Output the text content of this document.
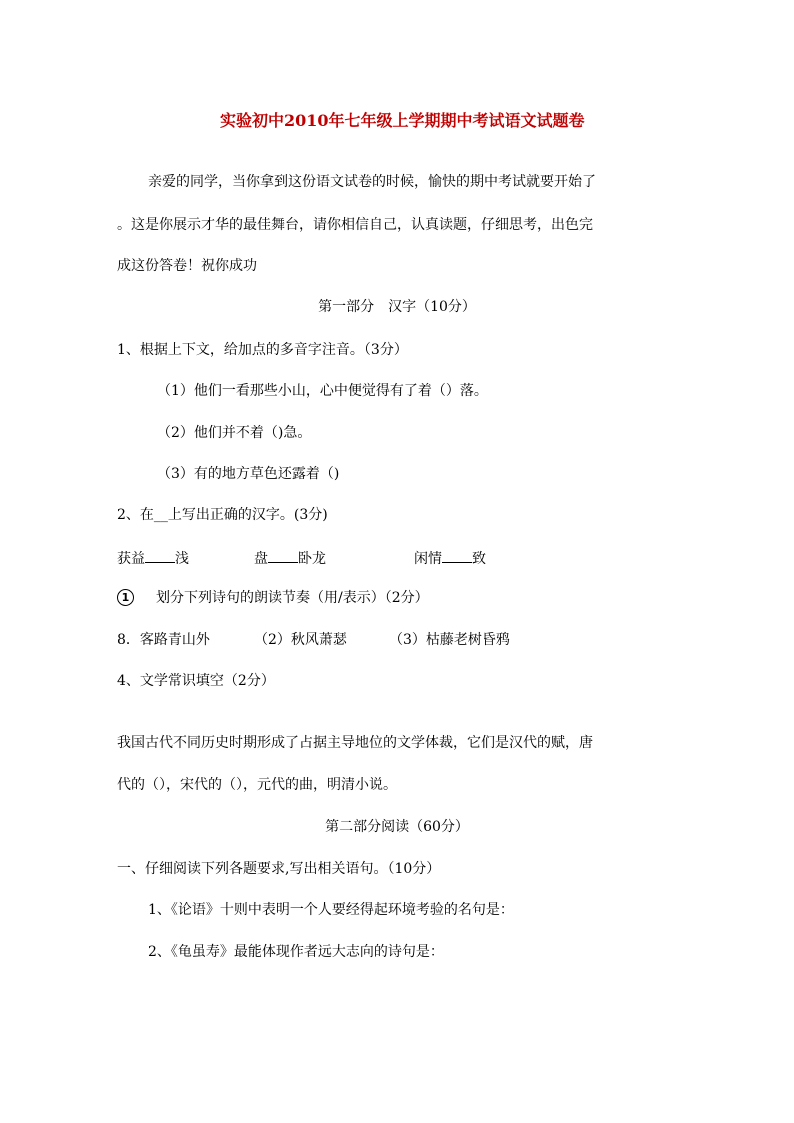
实验初中2010年七年级上学期期中考试语文试题卷
亲爱的同学，当你拿到这份语文试卷的时候，愉快的期中考试就要开始了
。这是你展示才华的最佳舞台，请你相信自己，认真读题，仔细思考，出色完
成这份答卷！祝你成功
第一部分　汉字（10分）
1、根据上下文，给加点的多音字注音。（3分）
（1）他们一看那些小山，心中便觉得有了着（）落。
（2）他们并不着（)急。
（3）有的地方草色还露着（)
2、在__上写出正确的汉字。(3分)
获益 浅	盘 卧龙	闲情 致
1 划分下列诗句的朗读节奏（用/表示）（2分）
8．客路青山外	（2）秋风萧瑟	（3）枯藤老树昏鸦
4、文学常识填空（2分）
我国古代不同历史时期形成了占据主导地位的文学体裁，它们是汉代的赋，唐
代的（），宋代的（），元代的曲，明清小说。
第二部分阅读（60分）
一、仔细阅读下列各题要求,写出相关语句。（10分）
1、《论语》十则中表明一个人要经得起环境考验的名句是：
2、《龟虽寿》最能体现作者远大志向的诗句是：
